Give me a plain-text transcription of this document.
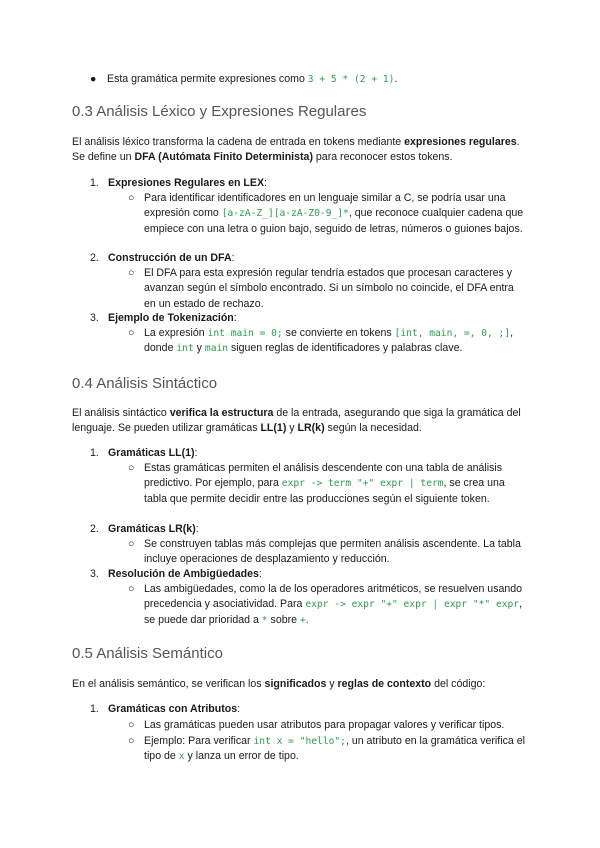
● Esta gramática permite expresiones como 3 + 5 * (2 + 1).
0.3 Análisis Léxico y Expresiones Regulares

El análisis léxico transforma la cadena de entrada en tokens mediante expresiones regulares. Se define un DFA (Autómata Finito Determinista) para reconocer estos tokens.

1. Expresiones Regulares en LEX:
○ Para identificar identificadores en un lenguaje similar a C, se podría usar una expresión como [a-zA-Z_][a-zA-Z0-9_]*, que reconoce cualquier cadena que empiece con una letra o guion bajo, seguido de letras, números o guiones bajos.
2. Construcción de un DFA:
○ El DFA para esta expresión regular tendría estados que procesan caracteres y avanzan según el símbolo encontrado. Si un símbolo no coincide, el DFA entra en un estado de rechazo.
3. Ejemplo de Tokenización:
○ La expresión int main = 0; se convierte en tokens [int, main, =, 0, ;], donde int y main siguen reglas de identificadores y palabras clave.
0.4 Análisis Sintáctico

El análisis sintáctico verifica la estructura de la entrada, asegurando que siga la gramática del lenguaje. Se pueden utilizar gramáticas LL(1) y LR(k) según la necesidad.

1. Gramáticas LL(1):
○ Estas gramáticas permiten el análisis descendente con una tabla de análisis predictivo. Por ejemplo, para expr -> term "+" expr | term, se crea una tabla que permite decidir entre las producciones según el siguiente token.
2. Gramáticas LR(k):
○ Se construyen tablas más complejas que permiten análisis ascendente. La tabla incluye operaciones de desplazamiento y reducción.
3. Resolución de Ambigüedades:
○ Las ambigüedades, como la de los operadores aritméticos, se resuelven usando precedencia y asociatividad. Para expr -> expr "+" expr | expr "*" expr, se puede dar prioridad a * sobre +.
0.5 Análisis Semántico

En el análisis semántico, se verifican los significados y reglas de contexto del código:

1. Gramáticas con Atributos:
○ Las gramáticas pueden usar atributos para propagar valores y verificar tipos.
○ Ejemplo: Para verificar int x = "hello";, un atributo en la gramática verifica el tipo de x y lanza un error de tipo.
